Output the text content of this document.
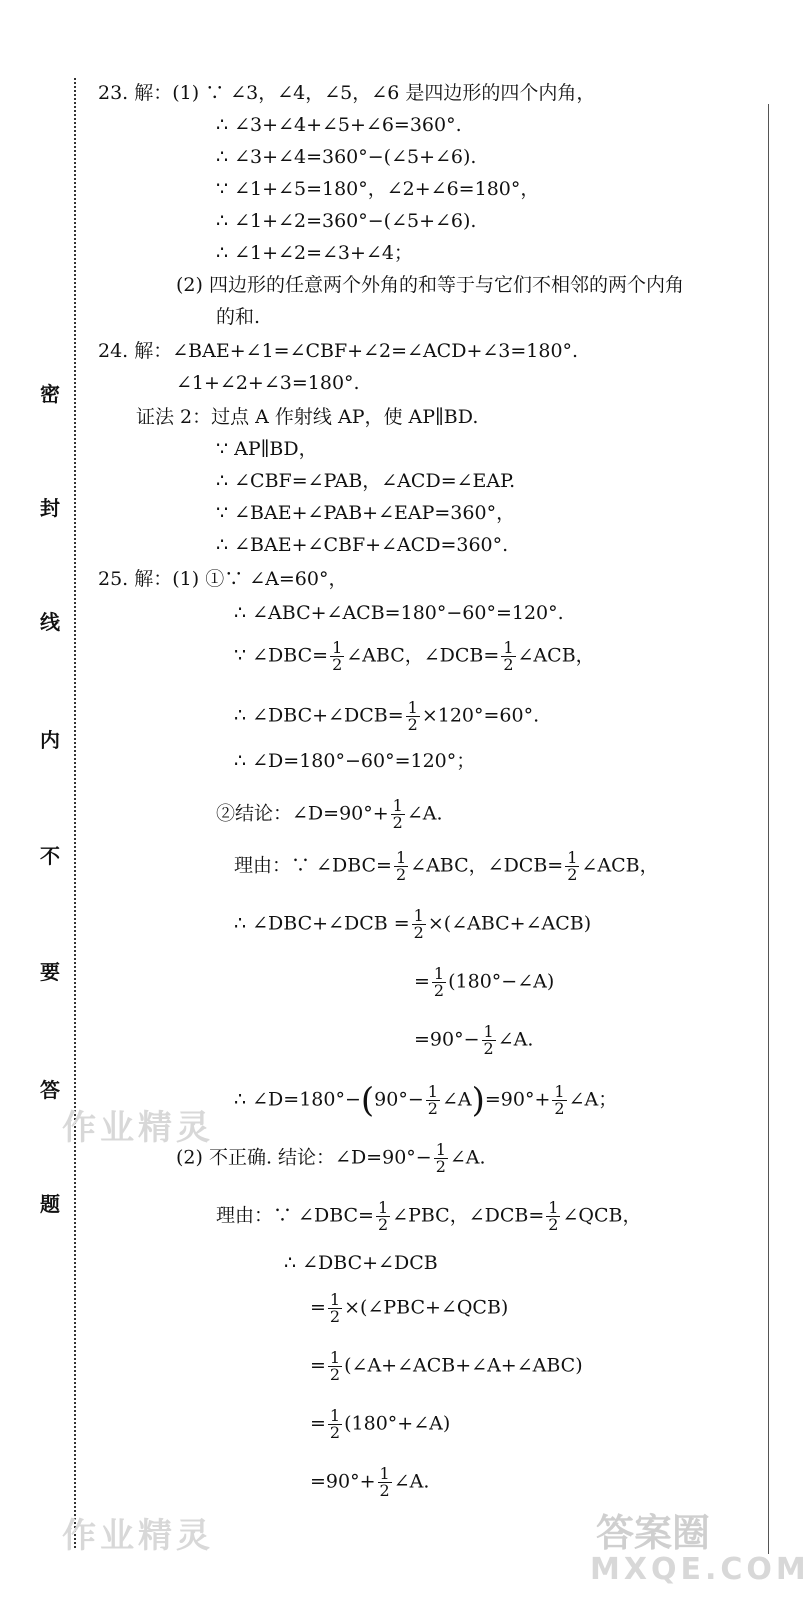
密
封
线
内
不
要
答
题
作业精灵
作业精灵	答案圈
MXQE.COM
23. 解：(1) ∵ ∠3，∠4，∠5，∠6 是四边形的四个内角，
∴ ∠3+∠4+∠5+∠6=360°.
∴ ∠3+∠4=360°−(∠5+∠6).
∵ ∠1+∠5=180°，∠2+∠6=180°，
∴ ∠1+∠2=360°−(∠5+∠6).
∴ ∠1+∠2=∠3+∠4；
(2) 四边形的任意两个外角的和等于与它们不相邻的两个内角
的和.
24. 解：∠BAE+∠1=∠CBF+∠2=∠ACD+∠3=180°.
∠1+∠2+∠3=180°.
证法 2：过点 A 作射线 AP，使 AP∥BD.
∵ AP∥BD，
∴ ∠CBF=∠PAB，∠ACD=∠EAP.
∵ ∠BAE+∠PAB+∠EAP=360°，
∴ ∠BAE+∠CBF+∠ACD=360°.
25. 解：(1) ①∵ ∠A=60°，
∴ ∠ABC+∠ACB=180°−60°=120°.
∵ ∠DBC= $\frac{1}{2}$ ∠ABC，∠DCB= $\frac{1}{2}$ ∠ACB，
∴ ∠DBC+∠DCB= $\frac{1}{2} \times 120^\circ=60^\circ$.
∴ ∠D=180°−60°=120°；
②结论：∠D=90°+ $\frac{1}{2}$ ∠A.
理由：∵ ∠DBC= $\frac{1}{2}$ ∠ABC，∠DCB= $\frac{1}{2}$ ∠ACB，
∴ ∠DBC+∠DCB = $\frac{1}{2}$ ×(∠ABC+∠ACB)
= $\frac{1}{2}$ (180°−∠A)
$=90^\circ- \frac{1}{2}$ ∠A.
∴ ∠D=180°−(90°− $\frac{1}{2}$ ∠A)=90°+ $\frac{1}{2}$ ∠A；
(2) 不正确. 结论：∠D=90°− $\frac{1}{2}$ ∠A.
理由：∵ ∠DBC= $\frac{1}{2}$ ∠PBC，∠DCB= $\frac{1}{2}$ ∠QCB，
∴ ∠DBC+∠DCB
= $\frac{1}{2}$ ×(∠PBC+∠QCB)
= $\frac{1}{2}$ (∠A+∠ACB+∠A+∠ABC)
= $\frac{1}{2}$ (180°+∠A)
$=90^\circ+ \frac{1}{2}$ ∠A.
